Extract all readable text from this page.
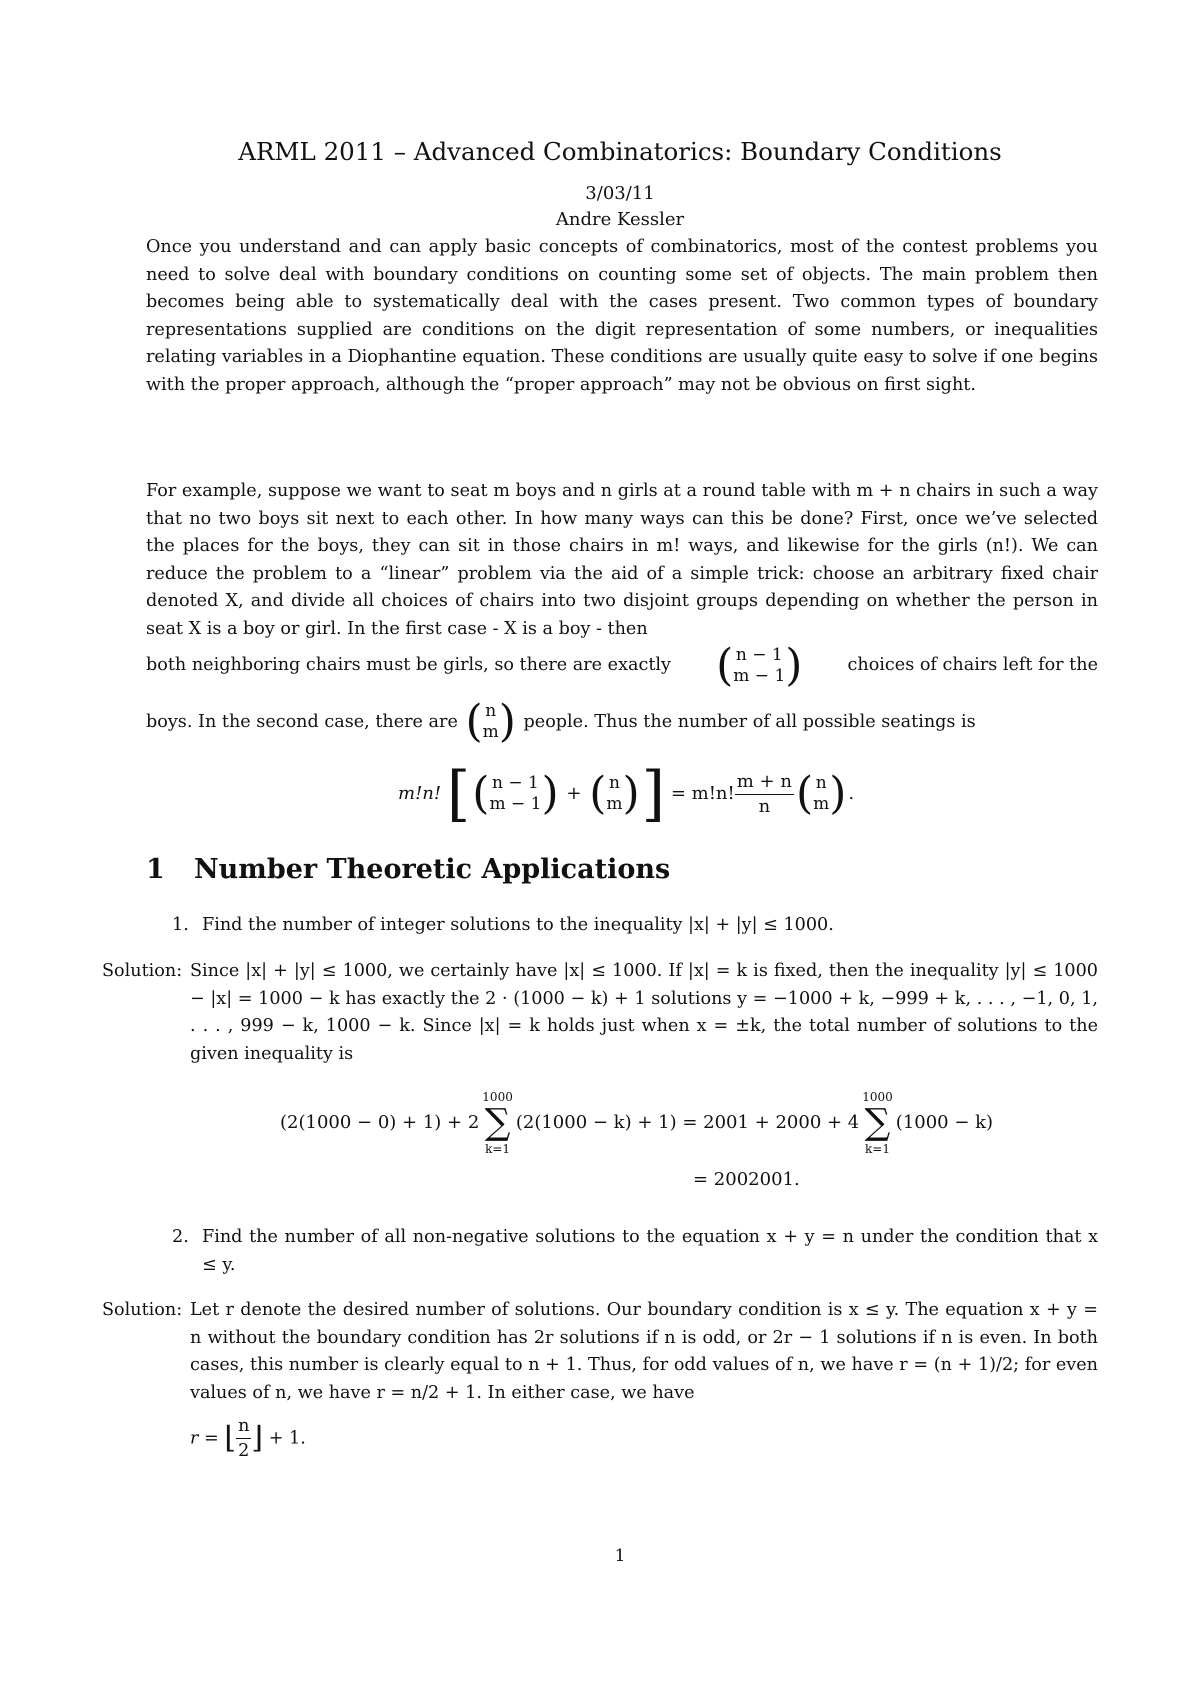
ARML 2011 – Advanced Combinatorics: Boundary Conditions
3/03/11
Andre Kessler

Once you understand and can apply basic concepts of combinatorics, most of the contest problems you need to solve deal with boundary conditions on counting some set of objects. The main problem then becomes being able to systematically deal with the cases present. Two common types of boundary representations supplied are conditions on the digit representation of some numbers, or inequalities relating variables in a Diophantine equation. These conditions are usually quite easy to solve if one begins with the proper approach, although the “proper approach” may not be obvious on first sight.

For example, suppose we want to seat m boys and n girls at a round table with m + n chairs in such a way that no two boys sit next to each other. In how many ways can this be done? First, once we’ve selected the places for the boys, they can sit in those chairs in m! ways, and likewise for the girls (n!). We can reduce the problem to a “linear” problem via the aid of a simple trick: choose an arbitrary fixed chair denoted X, and divide all choices of chairs into two disjoint groups depending on whether the person in seat X is a boy or girl. In the first case - X is a boy - then

both neighboring chairs must be girls, so there are exactly ( n − 1
m − 1 )	choices of chairs left for the
boys. In the second case, there are ( n
m ) people. Thus the number of all possible seatings is
m!n! [( n − 1
m − 1 ) + ( n
m )] = m!n! $\frac{m + n}{n}$ ( n
m ) .
1 Number Theoretic Applications
1. Find the number of integer solutions to the inequality |x| + |y| ≤ 1000.
Solution: Since |x| + |y| ≤ 1000, we certainly have |x| ≤ 1000. If |x| = k is fixed, then the inequality |y| ≤ 1000 − |x| = 1000 − k has exactly the 2 · (1000 − k) + 1 solutions y = −1000 + k, −999 + k, . . . , −1, 0, 1, . . . , 999 − k, 1000 − k. Since |x| = k holds just when x = ±k, the total number of solutions to the given inequality is
(2(1000 − 0) + 1) + 2
1000
∑
k=1
(2(1000 − k) + 1) = 2001 + 2000 + 4
1000
∑
k=1
(1000 − k)
= 2002001.
2. Find the number of all non-negative solutions to the equation x + y = n under the condition that x ≤ y.
Solution: Let r denote the desired number of solutions. Our boundary condition is x ≤ y. The equation x + y = n without the boundary condition has 2r solutions if n is odd, or 2r − 1 solutions if n is even. In both cases, this number is clearly equal to n + 1. Thus, for odd values of n, we have r = (n + 1)/2; for even values of n, we have r = n/2 + 1. In either case, we have
r = ⌊ $\frac{n}{2}$ ⌋ + 1.
1
